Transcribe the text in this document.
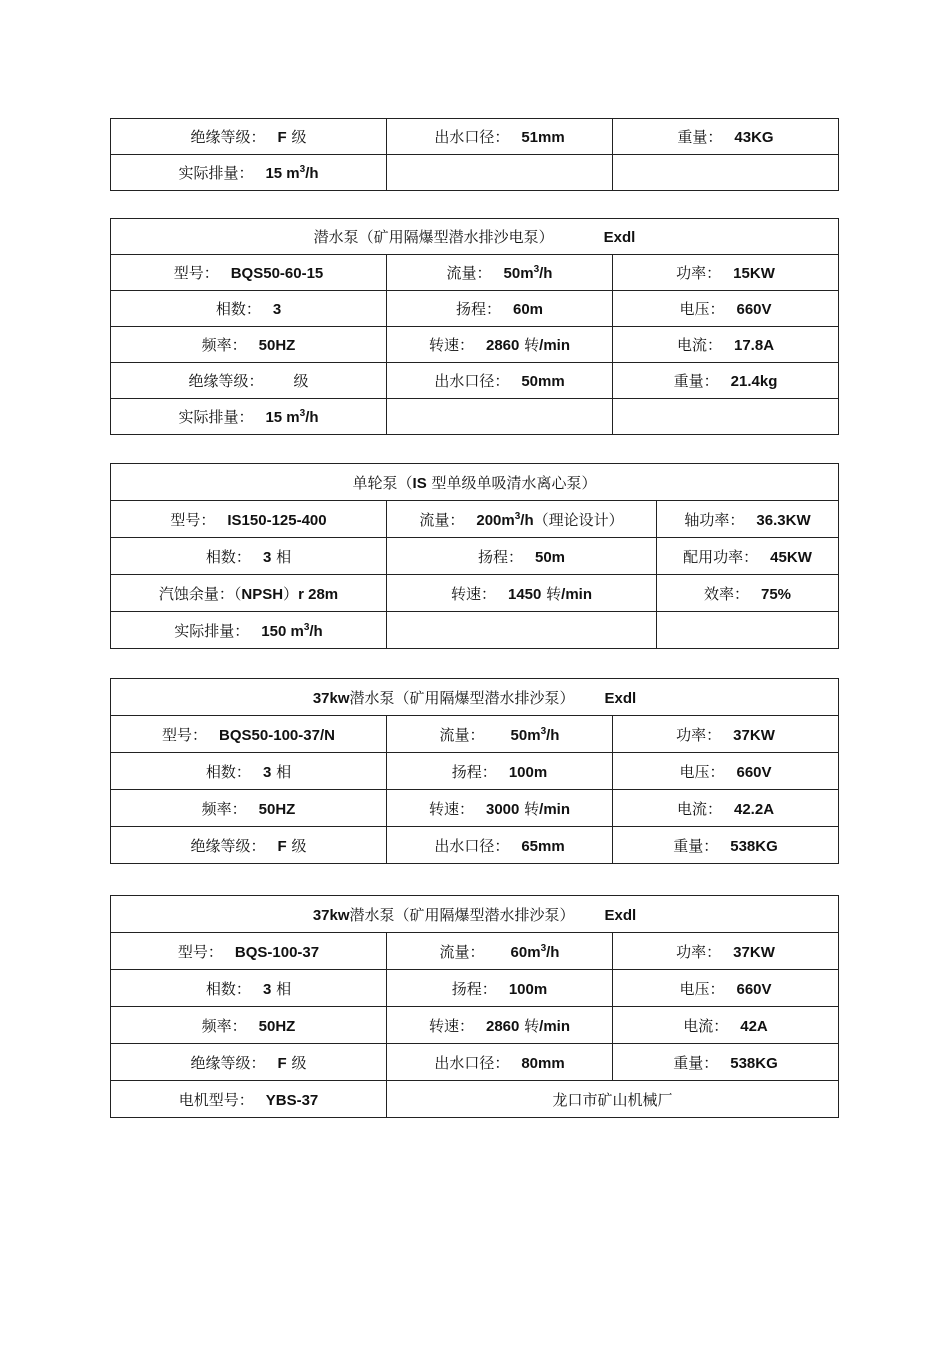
绝缘等级： F 级	出水口径： 51mm	重量： 43KG
实际排量： 15 $m^3/h$		
潜水泵（矿用隔爆型潜水排沙电泵） Exdl		
型号： BQS50-60-15	流量： $50m^3/h$	功率： 15KW
相数： 3	扬程： 60m	电压： 660V
频率： 50HZ	转速： 2860 转/min	电流： 17.8A
绝缘等级： 级	出水口径： 50mm	重量： 21.4kg
实际排量： 15 $m^3/h$		
单轮泵（IS 型单级单吸清水离心泵）		
型号： IS150-125-400	流量： $200m^3/h$（理论设计）	轴功率： 36.3KW
相数： 3 相	扬程： 50m	配用功率： 45KW
汽蚀余量：（NPSH）r 28m	转速： 1450 转/min	效率： 75%
实际排量： 150 $m^3/h$		
37kw潜水泵（矿用隔爆型潜水排沙泵） Exdl		
型号： BQS50-100-37/N	流量： $50m^3/h$	功率： 37KW
相数： 3 相	扬程： 100m	电压： 660V
频率： 50HZ	转速： 3000 转/min	电流： 42.2A
绝缘等级： F 级	出水口径： 65mm	重量： 538KG
37kw潜水泵（矿用隔爆型潜水排沙泵） Exdl		
型号： BQS-100-37	流量： $60m^3/h$	功率： 37KW
相数： 3 相	扬程： 100m	电压： 660V
频率： 50HZ	转速： 2860 转/min	电流： 42A
绝缘等级： F 级	出水口径： 80mm	重量： 538KG
电机型号： YBS-37	龙口市矿山机械厂	
